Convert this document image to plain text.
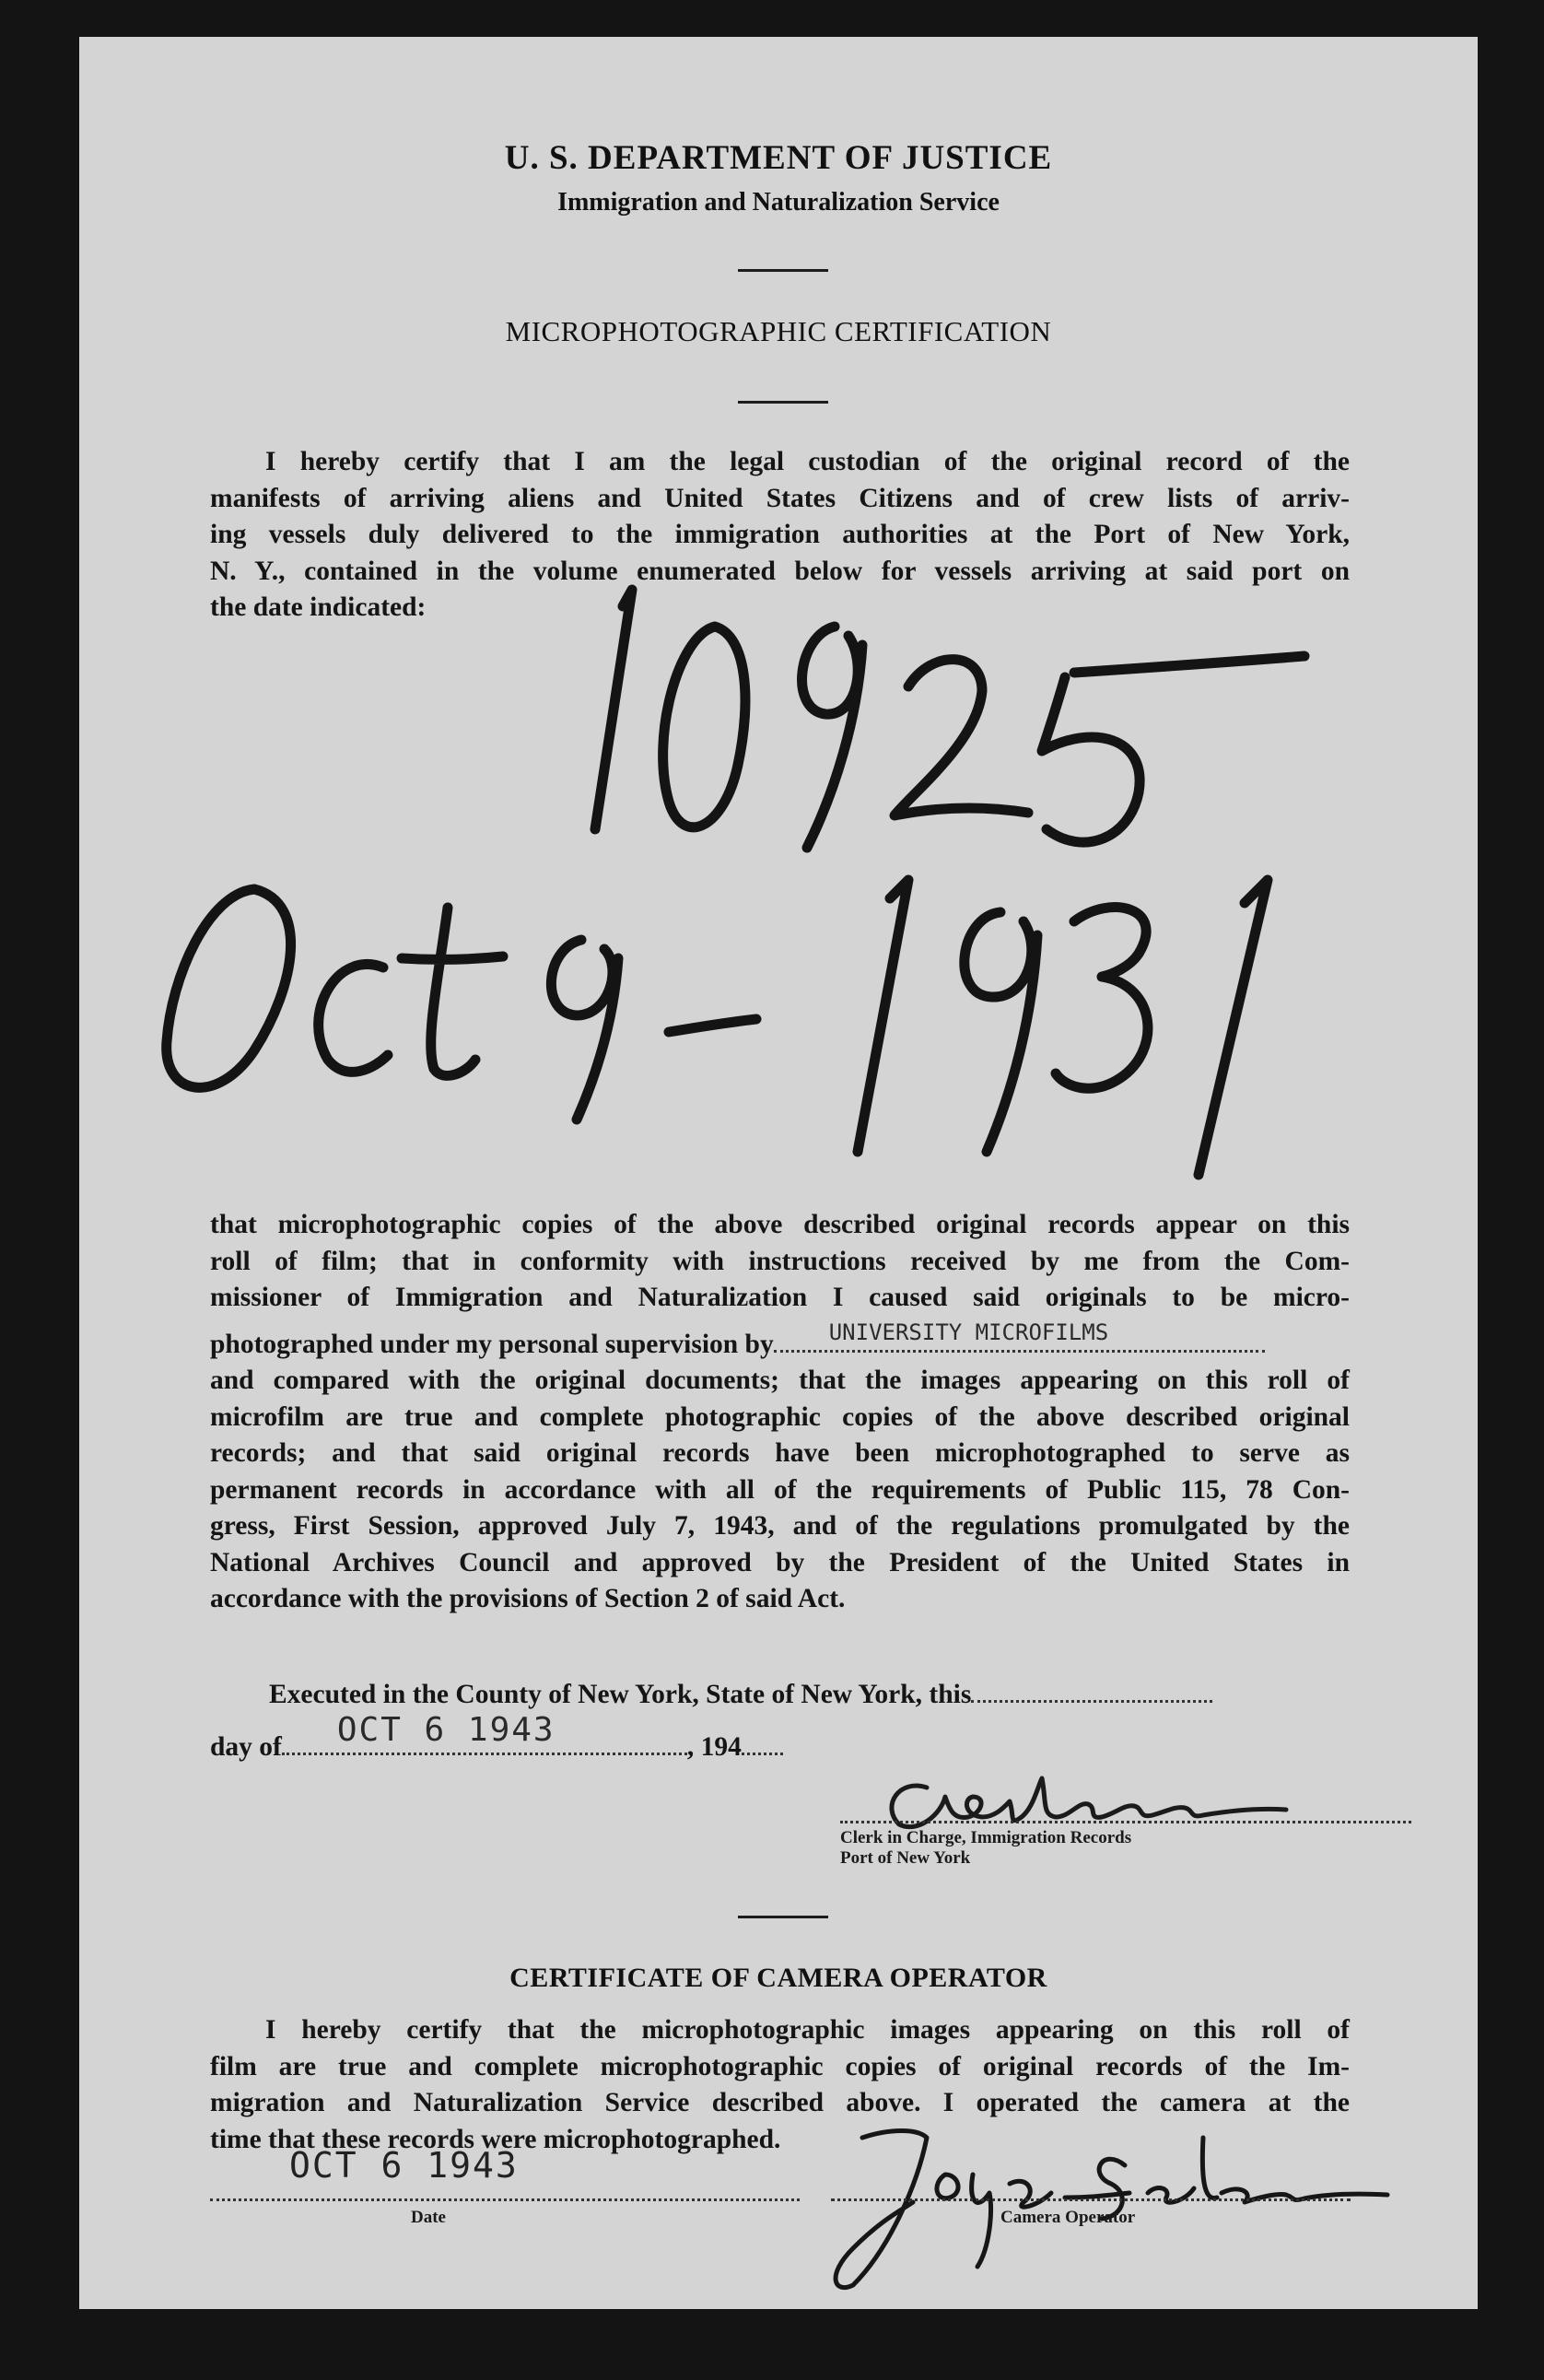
U. S. DEPARTMENT OF JUSTICE
Immigration and Naturalization Service
MICROPHOTOGRAPHIC CERTIFICATION
I hereby certify that I am the legal custodian of the original record of the
manifests of arriving aliens and United States Citizens and of crew lists of arriv-
ing vessels duly delivered to the immigration authorities at the Port of New York,
N. Y., contained in the volume enumerated below for vessels arriving at said port on
the date indicated:
that microphotographic copies of the above described original records appear on this
roll of film; that in conformity with instructions received by me from the Com-
missioner of Immigration and Naturalization I caused said originals to be micro-
photographed under my personal supervision by	UNIVERSITY MICROFILMS
and compared with the original documents; that the images appearing on this roll of
microfilm are true and complete photographic copies of the above described original
records; and that said original records have been microphotographed to serve as
permanent records in accordance with all of the requirements of Public 115, 78 Con-
gress, First Session, approved July 7, 1943, and of the regulations promulgated by the
National Archives Council and approved by the President of the United States in
accordance with the provisions of Section 2 of said Act.
Executed in the County of New York, State of New York, this
day of OCT 6 1943	, 194
Clerk in Charge, Immigration Records
Port of New York
CERTIFICATE OF CAMERA OPERATOR
I hereby certify that the microphotographic images appearing on this roll of
film are true and complete microphotographic copies of original records of the Im-
migration and Naturalization Service described above. I operated the camera at the
time that these records were microphotographed.
OCT 6 1943
Date	Camera Operator
